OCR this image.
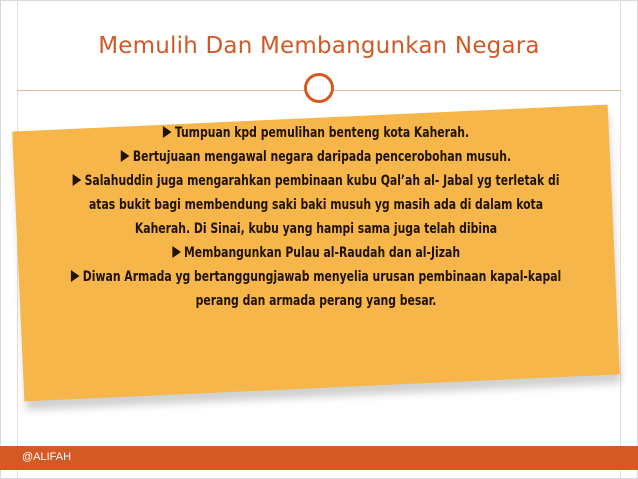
Memulih Dan Membangunkan Negara

Tumpuan kpd pemulihan benteng kota Kaherah.

Bertujuaan mengawal negara daripada pencerobohan musuh.

Salahuddin juga mengarahkan pembinaan kubu Qal’ah al- Jabal yg terletak di
atas bukit bagi membendung saki baki musuh yg masih ada di dalam kota
Kaherah. Di Sinai, kubu yang hampi sama juga telah dibina

Membangunkan Pulau al-Raudah dan al-Jizah

Diwan Armada yg bertanggungjawab menyelia urusan pembinaan kapal-kapal
perang dan armada perang yang besar.

@ALIFAH
